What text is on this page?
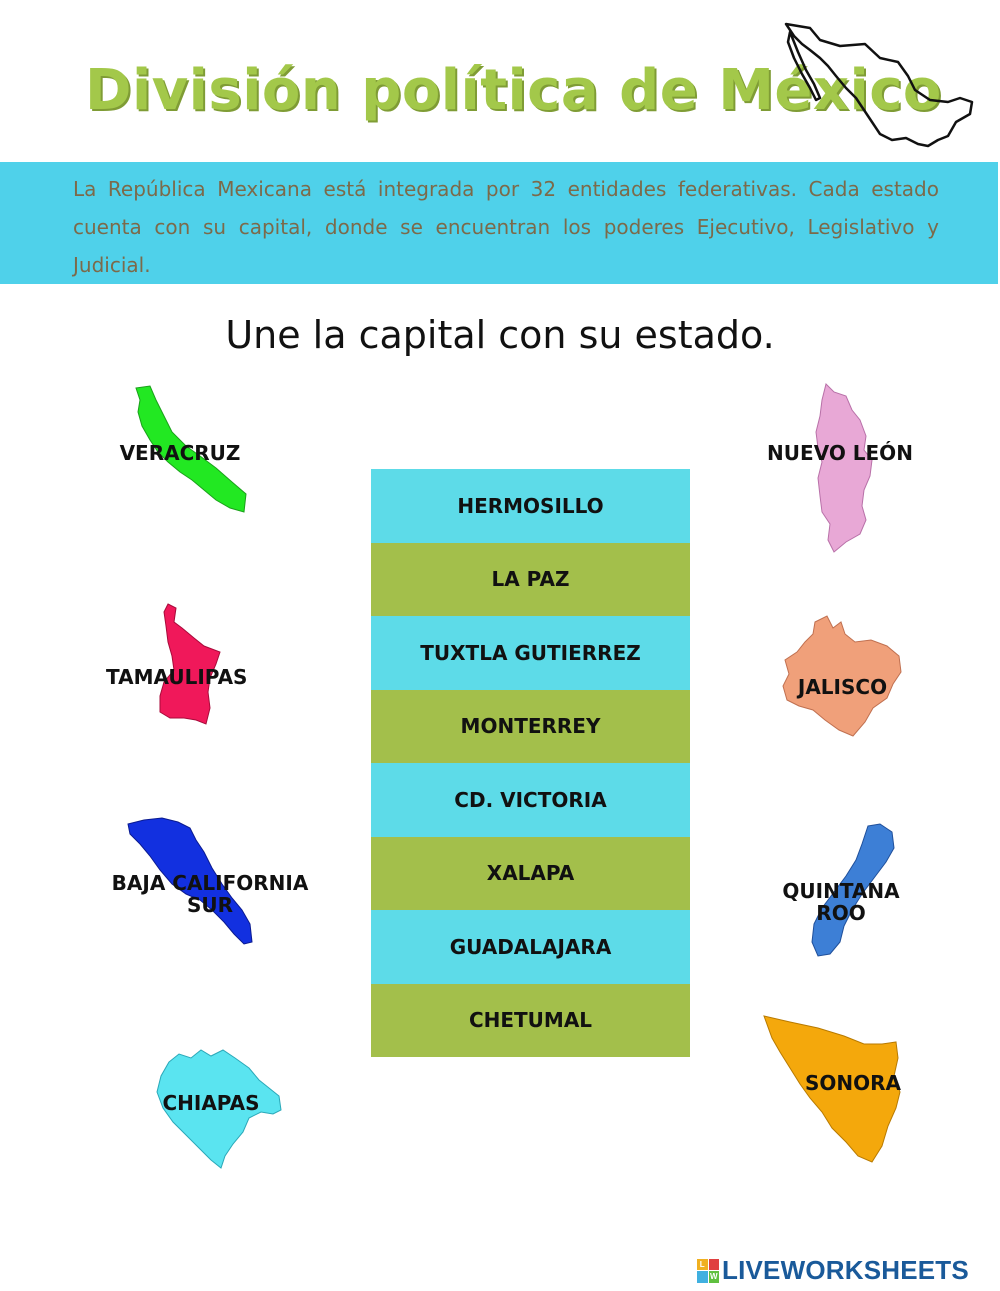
División política de México
La República Mexicana está integrada por 32 entidades federativas. Cada estado cuenta con su capital, donde se encuentran los poderes Ejecutivo, Legislativo y Judicial.
Une la capital con su estado.
VERACRUZ
TAMAULIPAS
BAJA CALIFORNIA SUR
CHIAPAS
NUEVO LEÓN
JALISCO
QUINTANA ROO
SONORA
HERMOSILLO
LA PAZ
TUXTLA GUTIERREZ
MONTERREY
CD. VICTORIA
XALAPA
GUADALAJARA
CHETUMAL
L
W LIVEWORKSHEETS
